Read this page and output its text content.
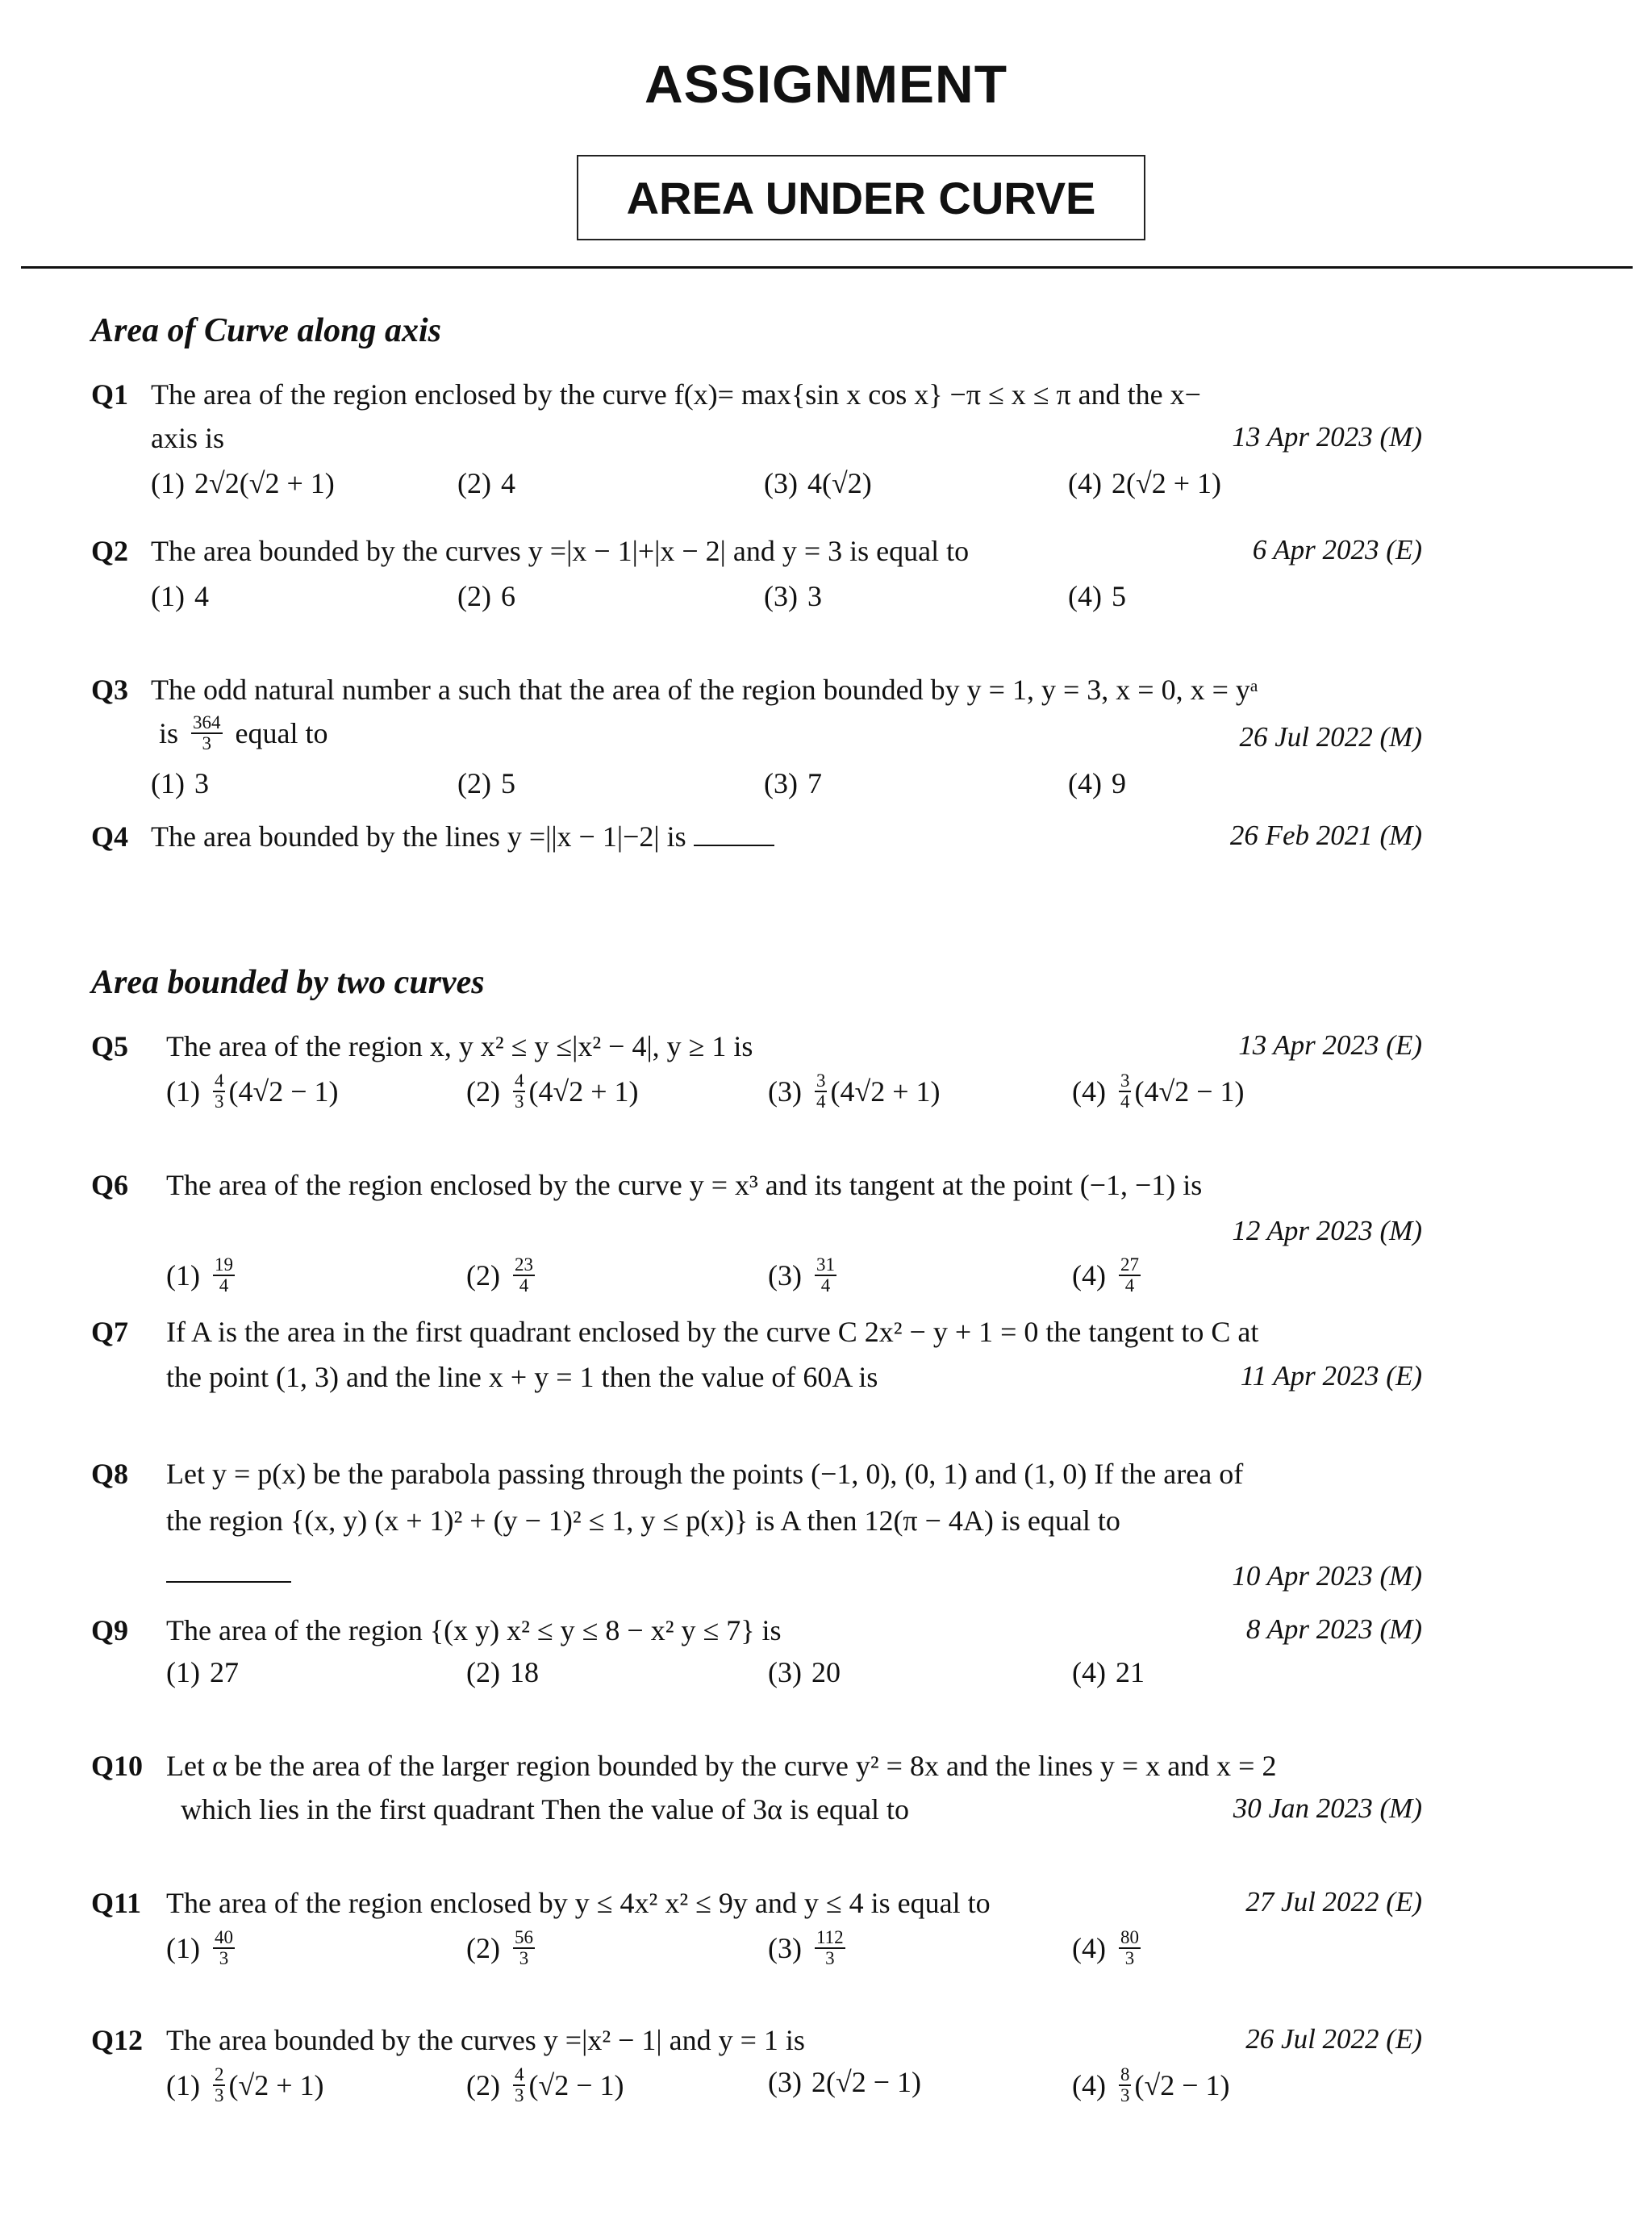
ASSIGNMENT
AREA UNDER CURVE
Area of Curve along axis
Q1 The area of the region enclosed by the curve f(x)= max{sin x cos x} −π ≤ x ≤ π and the x−
axis is	13 Apr 2023 (M)
(1) 2√2(√2 + 1)	(2) 4	(3) 4(√2)	(4) 2(√2 + 1)
Q2 The area bounded by the curves y =|x − 1|+|x − 2| and y = 3 is equal to	6 Apr 2023 (E)
(1) 4	(2) 6	(3) 3	(4) 5
Q3 The odd natural number a such that the area of the region bounded by y = 1, y = 3, x = 0, x = yᵃ
is $\frac{364}{3}$ equal to	26 Jul 2022 (M)
(1) 3	(2) 5	(3) 7	(4) 9
Q4 The area bounded by the lines y =||x − 1|−2| is	26 Feb 2021 (M)
Area bounded by two curves
Q5 The area of the region x, y x² ≤ y ≤|x² − 4|, y ≥ 1 is	13 Apr 2023 (E)
$(1) \frac{4}{3} (4√2 - 1)$	$(2) \frac{4}{3} (4√2 + 1)$	$(3) \frac{3}{4} (4√2 + 1)$	$(4) \frac{3}{4} (4√2 - 1)$
Q6 The area of the region enclosed by the curve y = x³ and its tangent at the point (−1, −1) is
12 Apr 2023 (M)
$(1) \frac{19}{4}$	$(2) \frac{23}{4}$	$(3) \frac{31}{4}$	$(4) \frac{27}{4}$
Q7 If A is the area in the first quadrant enclosed by the curve C 2x² − y + 1 = 0 the tangent to C at
the point (1, 3) and the line x + y = 1 then the value of 60A is	11 Apr 2023 (E)
Q8 Let y = p(x) be the parabola passing through the points (−1, 0), (0, 1) and (1, 0) If the area of
the region {(x, y) (x + 1)² + (y − 1)² ≤ 1, y ≤ p(x)} is A then 12(π − 4A) is equal to
10 Apr 2023 (M)
Q9 The area of the region {(x y) x² ≤ y ≤ 8 − x² y ≤ 7} is	8 Apr 2023 (M)
(1) 27	(2) 18	(3) 20	(4) 21
Q10 Let α be the area of the larger region bounded by the curve y² = 8x and the lines y = x and x = 2
which lies in the first quadrant Then the value of 3α is equal to	30 Jan 2023 (M)
Q11 The area of the region enclosed by y ≤ 4x² x² ≤ 9y and y ≤ 4 is equal to	27 Jul 2022 (E)
$(1) \frac{40}{3}$	$(2) \frac{56}{3}$	$(3) \frac{112}{3}$	$(4) \frac{80}{3}$
Q12 The area bounded by the curves y =|x² − 1| and y = 1 is	26 Jul 2022 (E)
$(1) \frac{2}{3} (√2 + 1)$	$(2) \frac{4}{3} (√2 - 1)$	(3) 2(√2 − 1)	$(4) \frac{8}{3} (√2 - 1)$
